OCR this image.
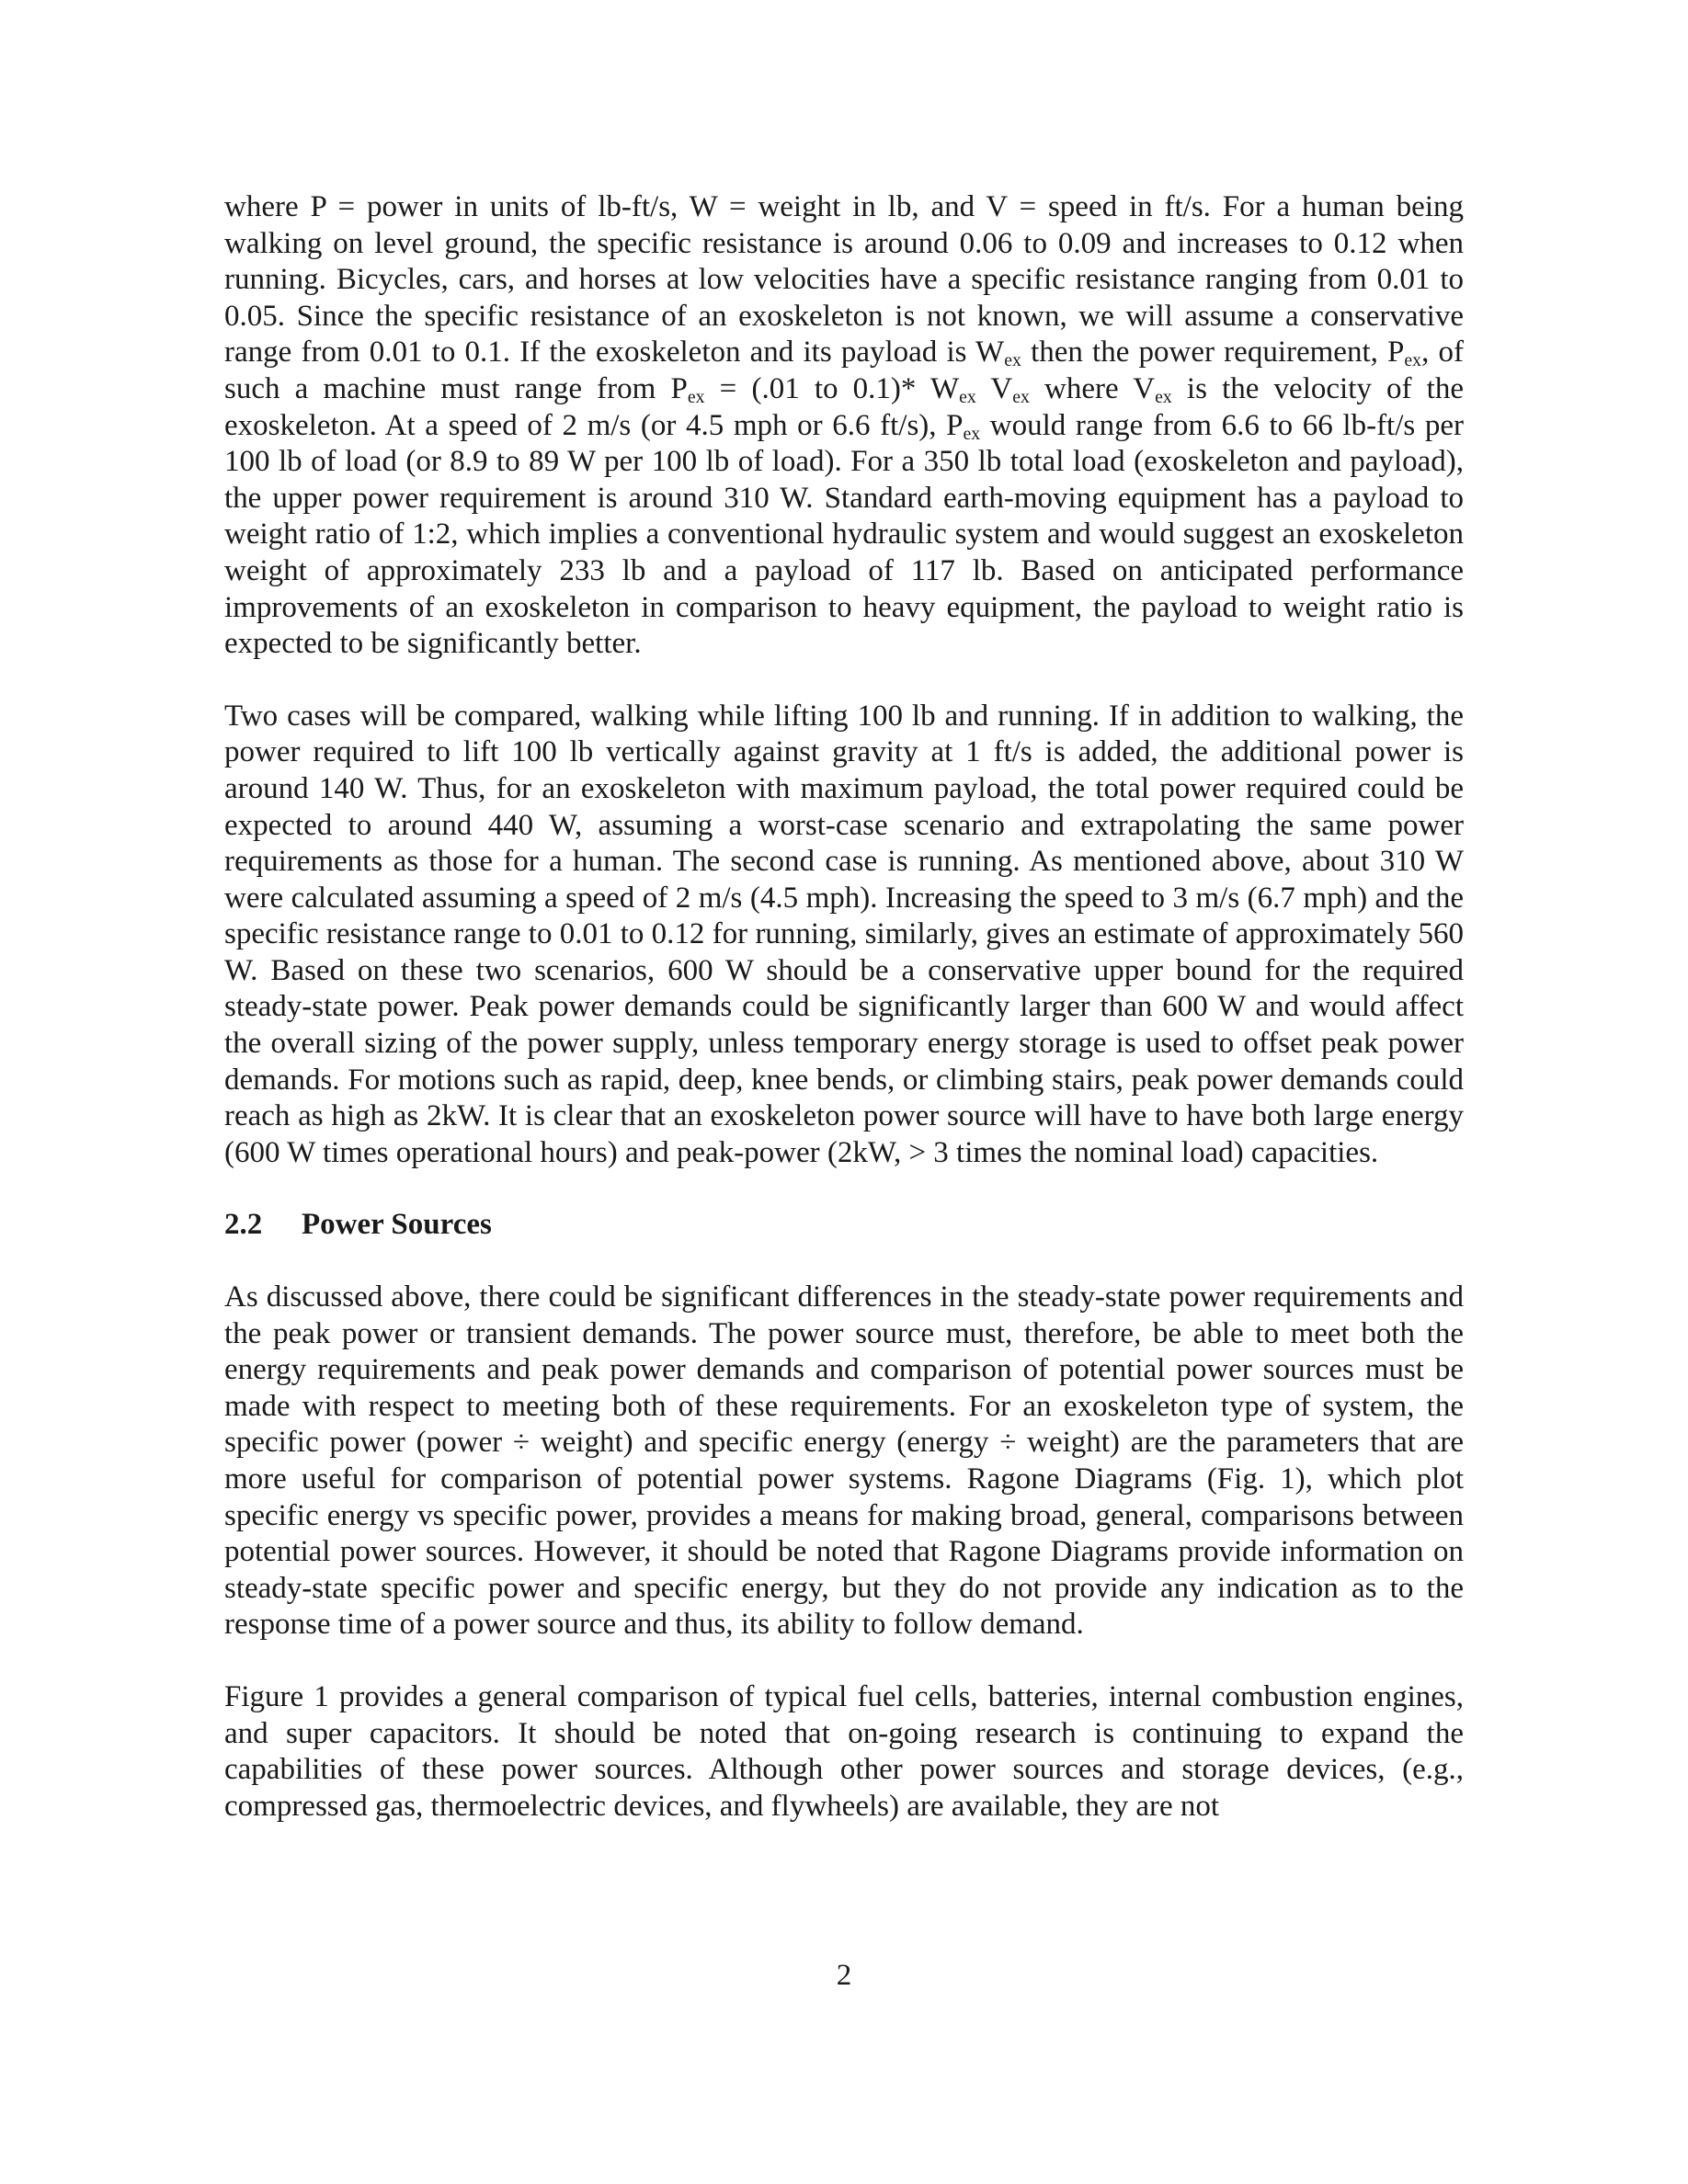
where P = power in units of lb-ft/s, W = weight in lb, and V = speed in ft/s. For a human being walking on level ground, the specific resistance is around 0.06 to 0.09 and increases to 0.12 when running. Bicycles, cars, and horses at low velocities have a specific resistance ranging from 0.01 to 0.05. Since the specific resistance of an exoskeleton is not known, we will assume a conservative range from 0.01 to 0.1. If the exoskeleton and its payload is $W_{ex}$ then the power requirement, $P_{ex}$, of such a machine must range from $P_{ex} = (.01$ to 0.1)* $W_{ex}$ $V_{ex}$ where $V_{ex}$ is the velocity of the exoskeleton. At a speed of 2 m/s (or 4.5 mph or 6.6 ft/s), $P_{ex}$ would range from 6.6 to 66 lb-ft/s per 100 lb of load (or 8.9 to 89 W per 100 lb of load). For a 350 lb total load (exoskeleton and payload), the upper power requirement is around 310 W. Standard earth-moving equipment has a payload to weight ratio of 1:2, which implies a conventional hydraulic system and would suggest an exoskeleton weight of approximately 233 lb and a payload of 117 lb. Based on anticipated performance improvements of an exoskeleton in comparison to heavy equipment, the payload to weight ratio is expected to be significantly better.

Two cases will be compared, walking while lifting 100 lb and running. If in addition to walking, the power required to lift 100 lb vertically against gravity at 1 ft/s is added, the additional power is around 140 W. Thus, for an exoskeleton with maximum payload, the total power required could be expected to around 440 W, assuming a worst-case scenario and extrapolating the same power requirements as those for a human. The second case is running. As mentioned above, about 310 W were calculated assuming a speed of 2 m/s (4.5 mph). Increasing the speed to 3 m/s (6.7 mph) and the specific resistance range to 0.01 to 0.12 for running, similarly, gives an estimate of approximately 560 W. Based on these two scenarios, 600 W should be a conservative upper bound for the required steady-state power. Peak power demands could be significantly larger than 600 W and would affect the overall sizing of the power supply, unless temporary energy storage is used to offset peak power demands. For motions such as rapid, deep, knee bends, or climbing stairs, peak power demands could reach as high as 2kW. It is clear that an exoskeleton power source will have to have both large energy (600 W times operational hours) and peak-power (2kW, > 3 times the nominal load) capacities.

2.2 Power Sources

As discussed above, there could be significant differences in the steady-state power requirements and the peak power or transient demands. The power source must, therefore, be able to meet both the energy requirements and peak power demands and comparison of potential power sources must be made with respect to meeting both of these requirements. For an exoskeleton type of system, the specific power (power ÷ weight) and specific energy (energy ÷ weight) are the parameters that are more useful for comparison of potential power systems. Ragone Diagrams (Fig. 1), which plot specific energy vs specific power, provides a means for making broad, general, comparisons between potential power sources. However, it should be noted that Ragone Diagrams provide information on steady-state specific power and specific energy, but they do not provide any indication as to the response time of a power source and thus, its ability to follow demand.

Figure 1 provides a general comparison of typical fuel cells, batteries, internal combustion engines, and super capacitors. It should be noted that on-going research is continuing to expand the capabilities of these power sources. Although other power sources and storage devices, (e.g., compressed gas, thermoelectric devices, and flywheels) are available, they are not

2
